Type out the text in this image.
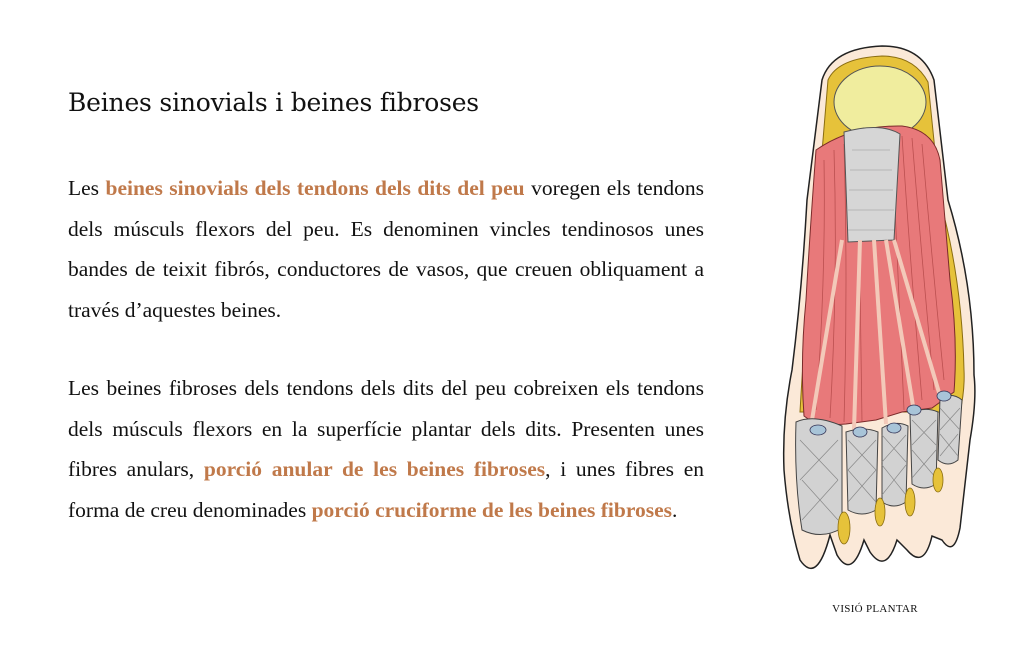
Beines sinovials i beines fibroses

Les beines sinovials dels tendons dels dits del peu voregen els tendons dels músculs flexors del peu. Es denominen vincles tendinosos unes bandes de teixit fibrós, conductores de vasos, que creuen obliquament a través d’aquestes beines.

Les beines fibroses dels tendons dels dits del peu cobreixen els tendons dels músculs flexors en la superfície plantar dels dits. Presenten unes fibres anulars, porció anular de les beines fibroses, i unes fibres en forma de creu denominades porció cruciforme de les beines fibroses.

VISIÓ PLANTAR
